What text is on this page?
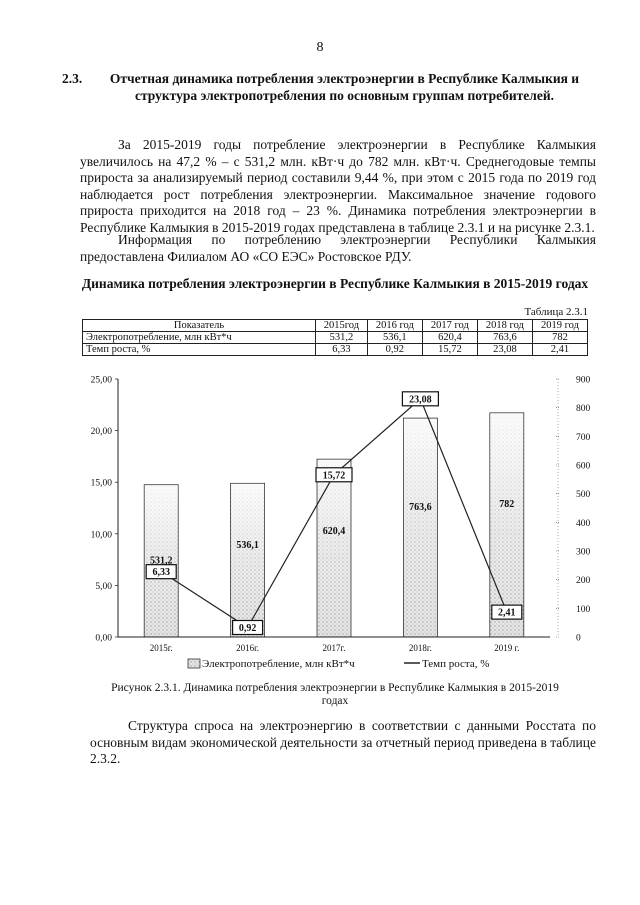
8
2.3.	Отчетная динамика потребления электроэнергии в Республике Калмыкия и структура электропотребления по основным группам потребителей.
За 2015-2019 годы потребление электроэнергии в Республике Калмыкия увеличилось на 47,2 % – с 531,2 млн. кВт·ч до 782 млн. кВт·ч. Среднегодовые темпы прироста за анализируемый период составили 9,44 %, при этом с 2015 года по 2019 год наблюдается рост потребления электроэнергии. Максимальное значение годового прироста приходится на 2018 год – 23 %. Динамика потребления электроэнергии в Республике Калмыкия в 2015-2019 годах представлена в таблице 2.3.1 и на рисунке 2.3.1.
Информация по потреблению электроэнергии Республики Калмыкия предоставлена Филиалом АО «СО ЕЭС» Ростовское РДУ.
Динамика потребления электроэнергии в Республике Калмыкия в 2015-2019 годах
Таблица 2.3.1
Показатель	2015год	2016 год	2017 год	2018 год	2019 год
Электропотребление, млн кВт*ч	531,2	536,1	620,4	763,6	782
Темп роста, %	6,33	0,92	15,72	23,08	2,41
6,33
0,92
15,72
23,08
2,41
2015г.	2016г.	2017г.	2018г.	2019 г.
531,2
536,1
620,4
763,6	782
0,00
5,00
10,00
15,00
20,00
25,00
0
100
200
300
400
500
600
700
800
900
Электропотребление, млн кВт*ч	Темп роста, %
Рисунок 2.3.1. Динамика потребления электроэнергии в Республике Калмыкия в 2015-2019 годах
Структура спроса на электроэнергию в соответствии с данными Росстата по основным видам экономической деятельности за отчетный период приведена в таблице 2.3.2.
